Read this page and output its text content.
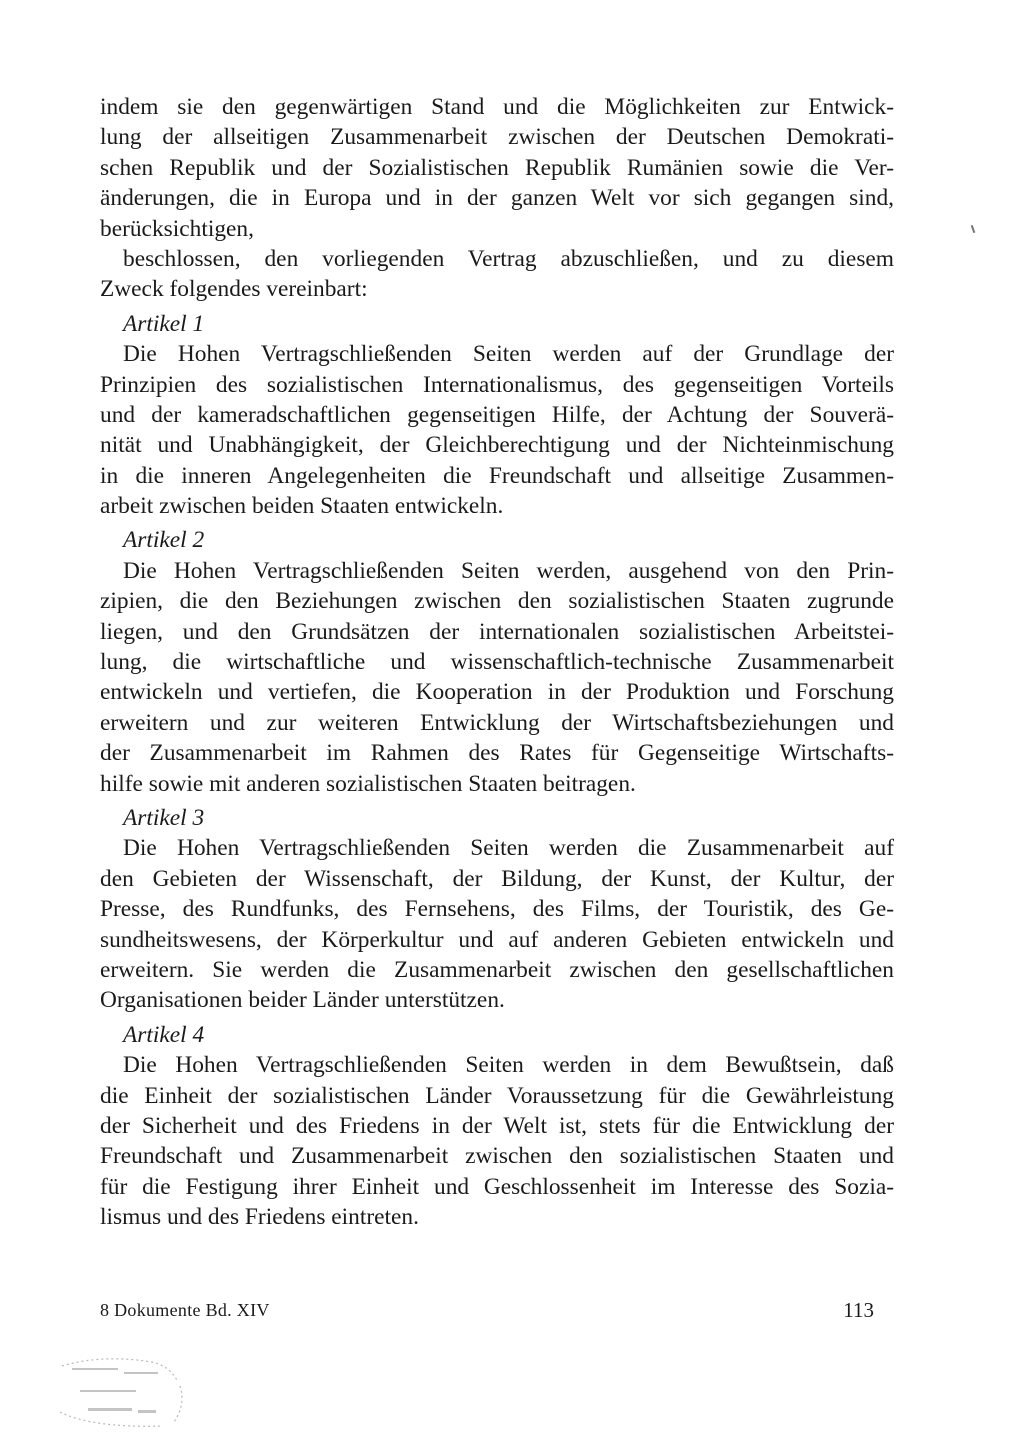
indem sie den gegenwärtigen Stand und die Möglichkeiten zur Entwick-
lung der allseitigen Zusammenarbeit zwischen der Deutschen Demokrati-
schen Republik und der Sozialistischen Republik Rumänien sowie die Ver-
änderungen, die in Europa und in der ganzen Welt vor sich gegangen sind,
berücksichtigen,
beschlossen, den vorliegenden Vertrag abzuschließen, und zu diesem
Zweck folgendes vereinbart:
Artikel 1
Die Hohen Vertragschließenden Seiten werden auf der Grundlage der
Prinzipien des sozialistischen Internationalismus, des gegenseitigen Vorteils
und der kameradschaftlichen gegenseitigen Hilfe, der Achtung der Souverä-
nität und Unabhängigkeit, der Gleichberechtigung und der Nichteinmischung
in die inneren Angelegenheiten die Freundschaft und allseitige Zusammen-
arbeit zwischen beiden Staaten entwickeln.
Artikel 2
Die Hohen Vertragschließenden Seiten werden, ausgehend von den Prin-
zipien, die den Beziehungen zwischen den sozialistischen Staaten zugrunde
liegen, und den Grundsätzen der internationalen sozialistischen Arbeitstei-
lung, die wirtschaftliche und wissenschaftlich-technische Zusammenarbeit
entwickeln und vertiefen, die Kooperation in der Produktion und Forschung
erweitern und zur weiteren Entwicklung der Wirtschaftsbeziehungen und
der Zusammenarbeit im Rahmen des Rates für Gegenseitige Wirtschafts-
hilfe sowie mit anderen sozialistischen Staaten beitragen.
Artikel 3
Die Hohen Vertragschließenden Seiten werden die Zusammenarbeit auf
den Gebieten der Wissenschaft, der Bildung, der Kunst, der Kultur, der
Presse, des Rundfunks, des Fernsehens, des Films, der Touristik, des Ge-
sundheitswesens, der Körperkultur und auf anderen Gebieten entwickeln und
erweitern. Sie werden die Zusammenarbeit zwischen den gesellschaftlichen
Organisationen beider Länder unterstützen.
Artikel 4
Die Hohen Vertragschließenden Seiten werden in dem Bewußtsein, daß
die Einheit der sozialistischen Länder Voraussetzung für die Gewährleistung
der Sicherheit und des Friedens in der Welt ist, stets für die Entwicklung der
Freundschaft und Zusammenarbeit zwischen den sozialistischen Staaten und
für die Festigung ihrer Einheit und Geschlossenheit im Interesse des Sozia-
lismus und des Friedens eintreten.
8 Dokumente Bd. XIV	113
